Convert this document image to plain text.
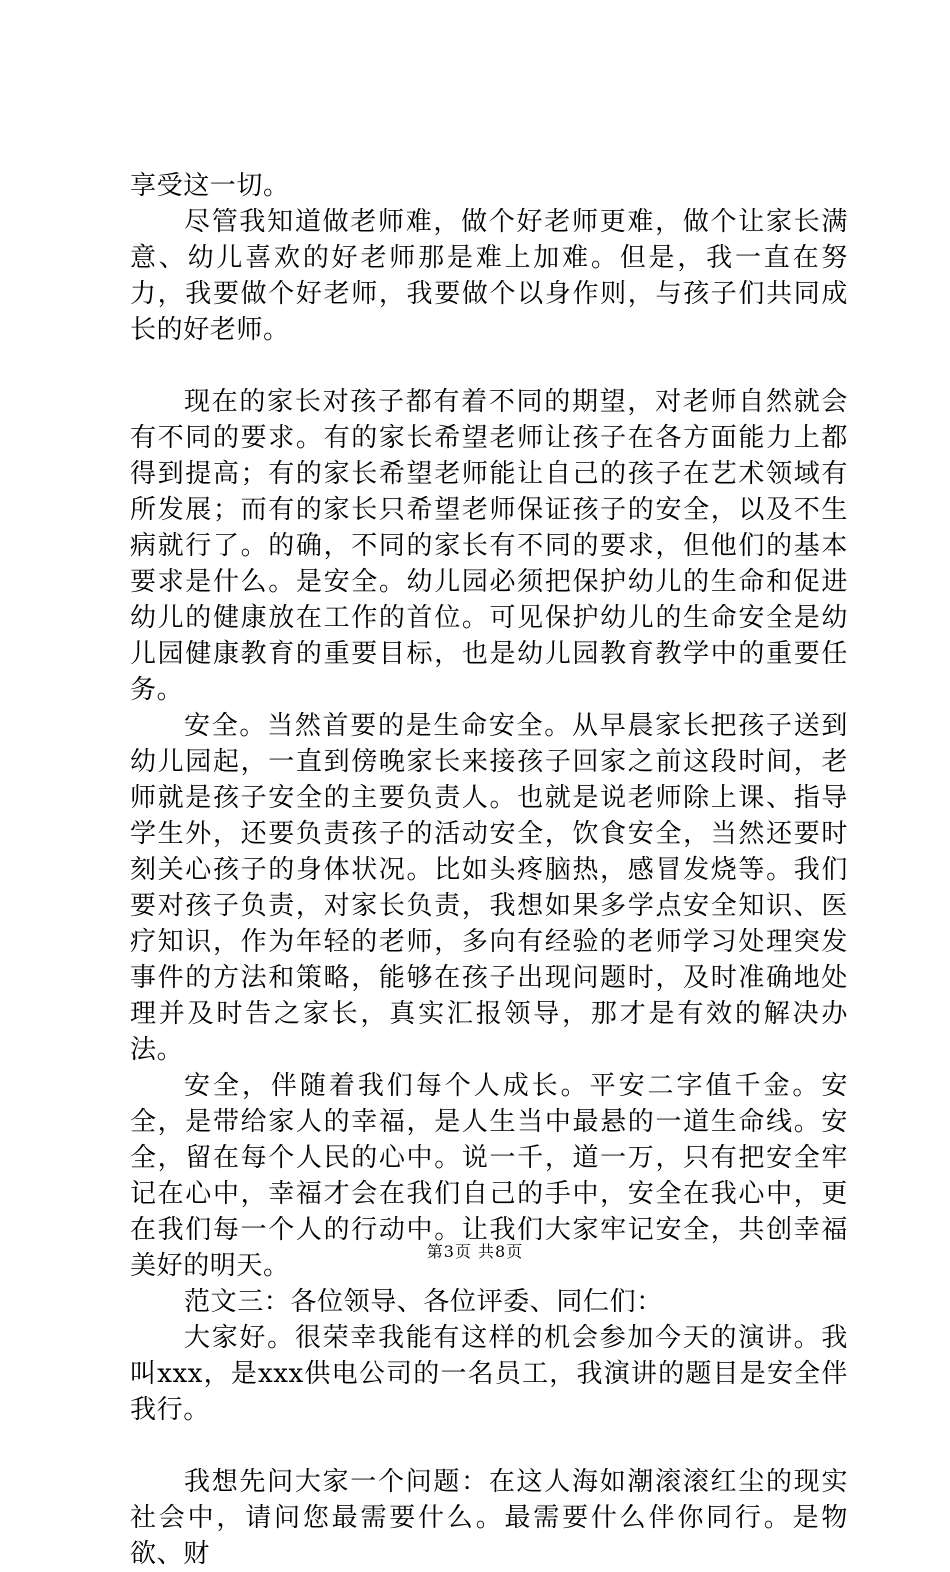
享受这一切。

尽管我知道做老师难，做个好老师更难，做个让家长满意、幼儿喜欢的好老师那是难上加难。但是，我一直在努力，我要做个好老师，我要做个以身作则，与孩子们共同成长的好老师。

现在的家长对孩子都有着不同的期望，对老师自然就会有不同的要求。有的家长希望老师让孩子在各方面能力上都得到提高；有的家长希望老师能让自己的孩子在艺术领域有所发展；而有的家长只希望老师保证孩子的安全，以及不生病就行了。的确，不同的家长有不同的要求，但他们的基本要求是什么。是安全。幼儿园必须把保护幼儿的生命和促进幼儿的健康放在工作的首位。可见保护幼儿的生命安全是幼儿园健康教育的重要目标，也是幼儿园教育教学中的重要任务。

安全。当然首要的是生命安全。从早晨家长把孩子送到幼儿园起，一直到傍晚家长来接孩子回家之前这段时间，老师就是孩子安全的主要负责人。也就是说老师除上课、指导学生外，还要负责孩子的活动安全，饮食安全，当然还要时刻关心孩子的身体状况。比如头疼脑热，感冒发烧等。我们要对孩子负责，对家长负责，我想如果多学点安全知识、医疗知识，作为年轻的老师，多向有经验的老师学习处理突发事件的方法和策略，能够在孩子出现问题时，及时准确地处理并及时告之家长，真实汇报领导，那才是有效的解决办法。

安全，伴随着我们每个人成长。平安二字值千金。安全，是带给家人的幸福，是人生当中最悬的一道生命线。安全，留在每个人民的心中。说一千，道一万，只有把安全牢记在心中，幸福才会在我们自己的手中，安全在我心中，更在我们每一个人的行动中。让我们大家牢记安全，共创幸福美好的明天。

范文三：各位领导、各位评委、同仁们：

大家好。很荣幸我能有这样的机会参加今天的演讲。我叫xxx，是xxx供电公司的一名员工，我演讲的题目是安全伴我行。

我想先问大家一个问题：在这人海如潮滚滚红尘的现实社会中，请问您最需要什么。最需要什么伴你同行。是物欲、财

第3页 共8页
